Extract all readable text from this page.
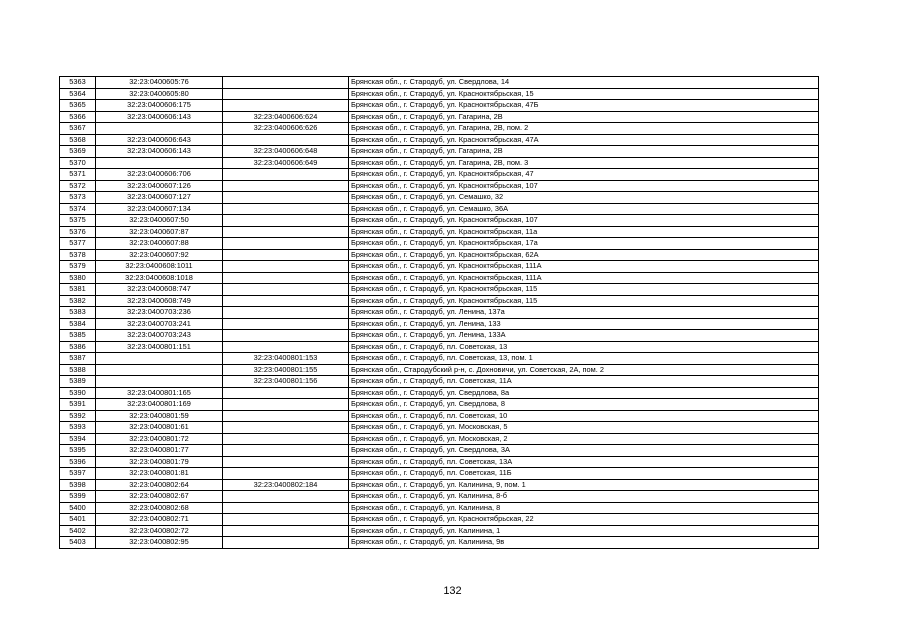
5363	32:23:0400605:76		Брянская обл., г. Стародуб, ул. Свердлова, 14
5364	32:23:0400605:80		Брянская обл., г. Стародуб, ул. Красноктябрьская, 15
5365	32:23:0400606:175		Брянская обл., г. Стародуб, ул. Красноктябрьская, 47Б
5366	32:23:0400606:143	32:23:0400606:624	Брянская обл., г. Стародуб, ул. Гагарина, 2В
5367		32:23:0400606:626	Брянская обл., г. Стародуб, ул. Гагарина, 2В, пом. 2
5368	32:23:0400606:643		Брянская обл., г. Стародуб, ул. Красноктябрьская, 47А
5369	32:23:0400606:143	32:23:0400606:648	Брянская обл., г. Стародуб, ул. Гагарина, 2В
5370		32:23:0400606:649	Брянская обл., г. Стародуб, ул. Гагарина, 2В, пом. 3
5371	32:23:0400606:706		Брянская обл., г. Стародуб, ул. Красноктябрьская, 47
5372	32:23:0400607:126		Брянская обл., г. Стародуб, ул. Красноктябрьская, 107
5373	32:23:0400607:127		Брянская обл., г. Стародуб, ул. Семашко, 32
5374	32:23:0400607:134		Брянская обл., г. Стародуб, ул. Семашко, 36А
5375	32:23:0400607:50		Брянская обл., г. Стародуб, ул. Красноктябрьская, 107
5376	32:23:0400607:87		Брянская обл., г. Стародуб, ул. Красноктябрьская, 11а
5377	32:23:0400607:88		Брянская обл., г. Стародуб, ул. Красноктябрьская, 17а
5378	32:23:0400607:92		Брянская обл., г. Стародуб, ул. Красноктябрьская, 62А
5379	32:23:0400608:1011		Брянская обл., г. Стародуб, ул. Красноктябрьская, 111А
5380	32:23:0400608:1018		Брянская обл., г. Стародуб, ул. Красноктябрьская, 111А
5381	32:23:0400608:747		Брянская обл., г. Стародуб, ул. Красноктябрьская, 115
5382	32:23:0400608:749		Брянская обл., г. Стародуб, ул. Красноктябрьская, 115
5383	32:23:0400703:236		Брянская обл., г. Стародуб, ул. Ленина, 137а
5384	32:23:0400703:241		Брянская обл., г. Стародуб, ул. Ленина, 133
5385	32:23:0400703:243		Брянская обл., г. Стародуб, ул. Ленина, 133А
5386	32:23:0400801:151		Брянская обл., г. Стародуб, пл. Советская, 13
5387		32:23:0400801:153	Брянская обл., г. Стародуб, пл. Советская, 13, пом. 1
5388		32:23:0400801:155	Брянская обл., Стародубский р-н, с. Дохновичи, ул. Советская, 2А, пом. 2
5389		32:23:0400801:156	Брянская обл., г. Стародуб, пл. Советская, 11А
5390	32:23:0400801:165		Брянская обл., г. Стародуб, ул. Свердлова, 8а
5391	32:23:0400801:169		Брянская обл., г. Стародуб, ул. Свердлова, 8
5392	32:23:0400801:59		Брянская обл., г. Стародуб, пл. Советская, 10
5393	32:23:0400801:61		Брянская обл., г. Стародуб, ул. Московская, 5
5394	32:23:0400801:72		Брянская обл., г. Стародуб, ул. Московская, 2
5395	32:23:0400801:77		Брянская обл., г. Стародуб, ул. Свердлова, 3А
5396	32:23:0400801:79		Брянская обл., г. Стародуб, пл. Советская, 13А
5397	32:23:0400801:81		Брянская обл., г. Стародуб, пл. Советская, 11Б
5398	32:23:0400802:64	32:23:0400802:184	Брянская обл., г. Стародуб, ул. Калинина, 9, пом. 1
5399	32:23:0400802:67		Брянская обл., г. Стародуб, ул. Калинина, 8-б
5400	32:23:0400802:68		Брянская обл., г. Стародуб, ул. Калинина, 8
5401	32:23:0400802:71		Брянская обл., г. Стародуб, ул. Красноктябрьская, 22
5402	32:23:0400802:72		Брянская обл., г. Стародуб, ул. Калинина, 1
5403	32:23:0400802:95		Брянская обл., г. Стародуб, ул. Калинина, 9в
132
